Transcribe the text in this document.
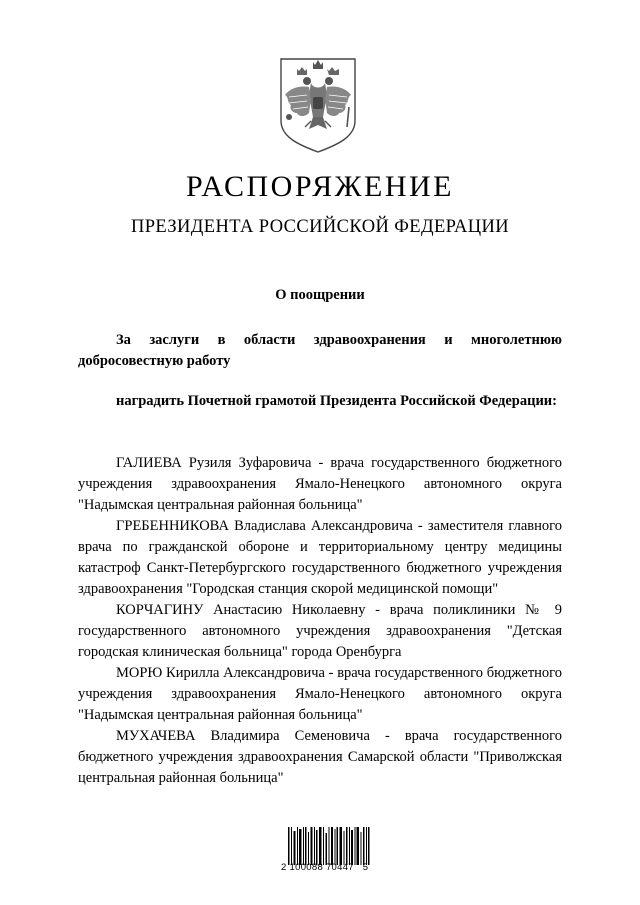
РАСПОРЯЖЕНИЕ
ПРЕЗИДЕНТА РОССИЙСКОЙ ФЕДЕРАЦИИ
О поощрении

За заслуги в области здравоохранения и многолетнюю добросовестную работу

наградить Почетной грамотой Президента Российской Федерации:

ГАЛИЕВА Рузиля Зуфаровича - врача государственного бюджетного учреждения здравоохранения Ямало-Ненецкого автономного округа "Надымская центральная районная больница"

ГРЕБЕННИКОВА Владислава Александровича - заместителя главного врача по гражданской обороне и территориальному центру медицины катастроф Санкт-Петербургского государственного бюджетного учреждения здравоохранения "Городская станция скорой медицинской помощи"

КОРЧАГИНУ Анастасию Николаевну - врача поликлиники № 9 государственного автономного учреждения здравоохранения "Детская городская клиническая больница" города Оренбурга

МОРЮ Кирилла Александровича - врача государственного бюджетного учреждения здравоохранения Ямало-Ненецкого автономного округа "Надымская центральная районная больница"

МУХАЧЕВА Владимира Семеновича - врача государственного бюджетного учреждения здравоохранения Самарской области "Приволжская центральная районная больница"

2 100088 70447   5
